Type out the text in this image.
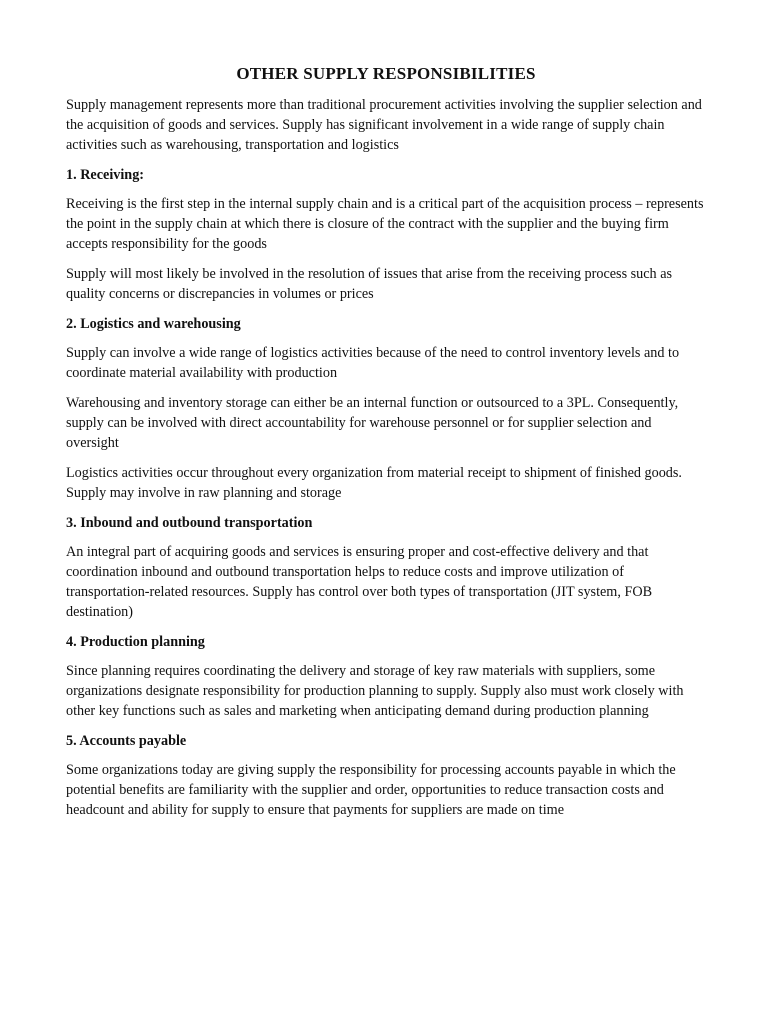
OTHER SUPPLY RESPONSIBILITIES

Supply management represents more than traditional procurement activities involving the supplier selection and the acquisition of goods and services. Supply has significant involvement in a wide range of supply chain activities such as warehousing, transportation and logistics

1. Receiving:

Receiving is the first step in the internal supply chain and is a critical part of the acquisition process – represents the point in the supply chain at which there is closure of the contract with the supplier and the buying firm accepts responsibility for the goods

Supply will most likely be involved in the resolution of issues that arise from the receiving process such as quality concerns or discrepancies in volumes or prices

2. Logistics and warehousing

Supply can involve a wide range of logistics activities because of the need to control inventory levels and to coordinate material availability with production

Warehousing and inventory storage can either be an internal function or outsourced to a 3PL. Consequently, supply can be involved with direct accountability for warehouse personnel or for supplier selection and oversight

Logistics activities occur throughout every organization from material receipt to shipment of finished goods. Supply may involve in raw planning and storage

3. Inbound and outbound transportation

An integral part of acquiring goods and services is ensuring proper and cost-effective delivery and that coordination inbound and outbound transportation helps to reduce costs and improve utilization of transportation-related resources. Supply has control over both types of transportation (JIT system, FOB destination)

4. Production planning

Since planning requires coordinating the delivery and storage of key raw materials with suppliers, some organizations designate responsibility for production planning to supply. Supply also must work closely with other key functions such as sales and marketing when anticipating demand during production planning

5. Accounts payable

Some organizations today are giving supply the responsibility for processing accounts payable in which the potential benefits are familiarity with the supplier and order, opportunities to reduce transaction costs and headcount and ability for supply to ensure that payments for suppliers are made on time
